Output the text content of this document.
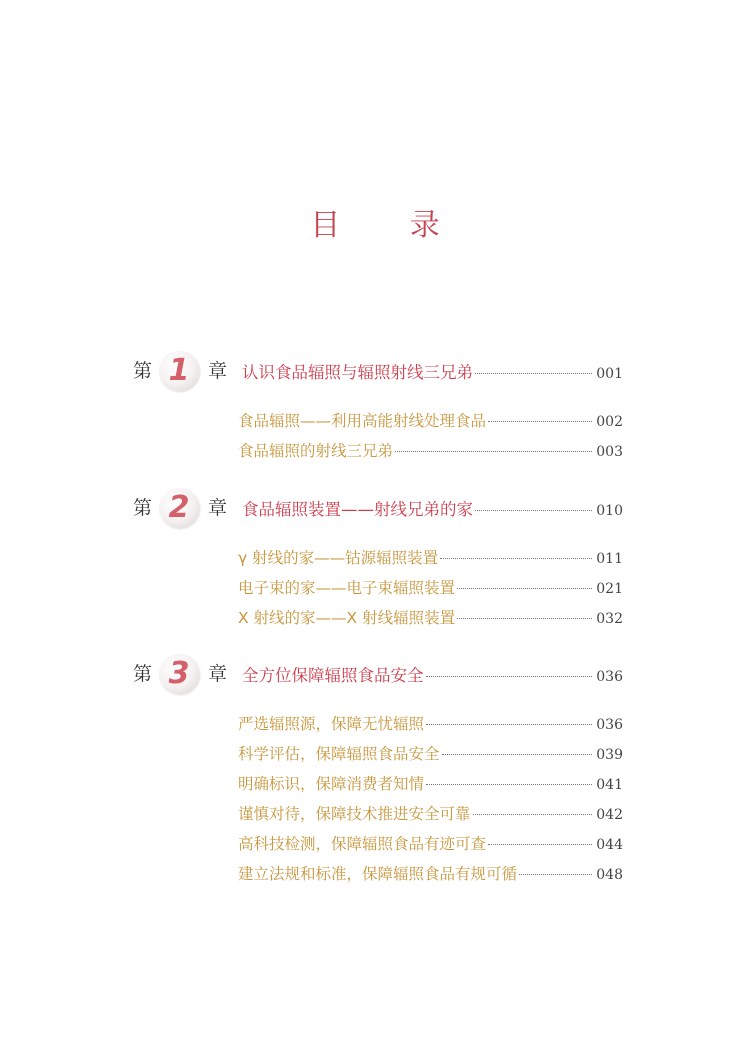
目 录
第 1 章 认识食品辐照与辐照射线三兄弟	001
食品辐照——利用高能射线处理食品	002
食品辐照的射线三兄弟	003
第 2 章 食品辐照装置——射线兄弟的家	010
γ 射线的家——钴源辐照装置	011
电子束的家——电子束辐照装置	021
X 射线的家——X 射线辐照装置	032
第 3 章 全方位保障辐照食品安全	036
严选辐照源，保障无忧辐照	036
科学评估，保障辐照食品安全	039
明确标识，保障消费者知情	041
谨慎对待，保障技术推进安全可靠	042
高科技检测，保障辐照食品有迹可查	044
建立法规和标准，保障辐照食品有规可循	048
